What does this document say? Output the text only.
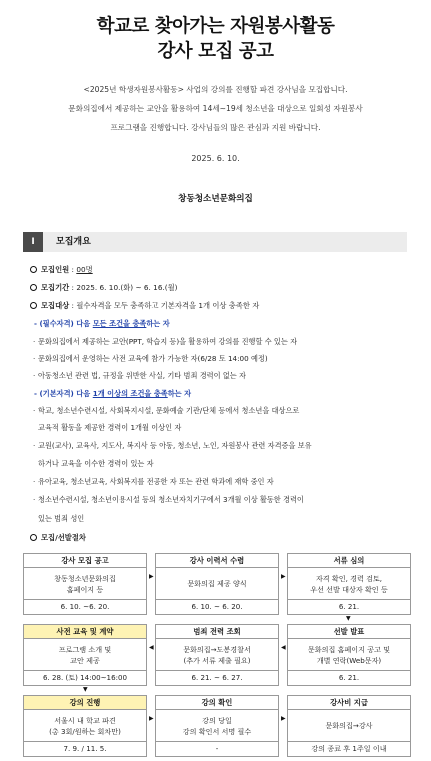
학교로 찾아가는 자원봉사활동
강사 모집 공고
<2025년 학생자원봉사활동> 사업의 강의를 진행할 파견 강사님을 모집합니다.
문화의집에서 제공하는 교안을 활용하여 14세~19세 청소년을 대상으로 일회성 자원봉사
프로그램을 진행합니다. 강사님들의 많은 관심과 지원 바랍니다.
2025. 6. 10.
창동청소년문화의집
Ⅰ	모집개요
모집인원 : 00명
모집기간 : 2025. 6. 10.(화) ~ 6. 16.(월)
모집대상 : 필수자격을 모두 충족하고 기본자격을 1개 이상 충족한 자
- (필수자격) 다음 모든 조건을 충족하는 자
· 문화의집에서 제공하는 교안(PPT, 학습지 등)을 활용하여 강의를 진행할 수 있는 자
· 문화의집에서 운영하는 사전 교육에 참가 가능한 자(6/28 토 14:00 예정)
· 아동청소년 관련 법, 규정을 위반한 사실, 기타 범죄 경력이 없는 자
- (기본자격) 다음 1개 이상의 조건을 충족하는 자
· 학교, 청소년수련시설, 사회복지시설, 문화예술 기관/단체 등에서 청소년을 대상으로
교육적 활동을 제공한 경력이 1개월 이상인 자
· 교원(교사), 교육사, 지도사, 복지사 등 아동, 청소년, 노인, 자원봉사 관련 자격증을 보유
하거나 교육을 이수한 경력이 있는 자
· 유아교육, 청소년교육, 사회복지를 전공한 자 또는 관련 학과에 재학 중인 자
· 청소년수련시설, 청소년이용시설 등의 청소년자치기구에서 3개월 이상 활동한 경력이
있는 범죄 성인
모집/선발절차
강사 모집 공고
창동청소년문화의집
홈페이지 등
6. 10. ~6. 20.
▶
강사 이력서 수렴
문화의집 제공 양식
6. 10. ~ 6. 20.
▶
서류 심의
자격 확인, 경력 검토,
우선 선발 대상자 확인 등
6. 21.
▼
사전 교육 및 계약
프로그램 소개 및
교안 제공
6. 28. (토) 14:00~16:00
◀
범죄 전력 조회
문화의집→도봉경찰서
(추가 서류 제출 필요)
6. 21. ~ 6. 27.
◀
선발 발표
문화의집 홈페이지 공고 및
개별 연락(Web문자)
6. 21.
▼
강의 진행
서울시 내 학교 파견
(총 3회/원하는 회차만)
7. 9. / 11. 5.
▶
강의 확인
강의 당일
강의 확인서 서명 필수
-
▶
강사비 지급
문화의집→강사
강의 종료 후 1주일 이내
